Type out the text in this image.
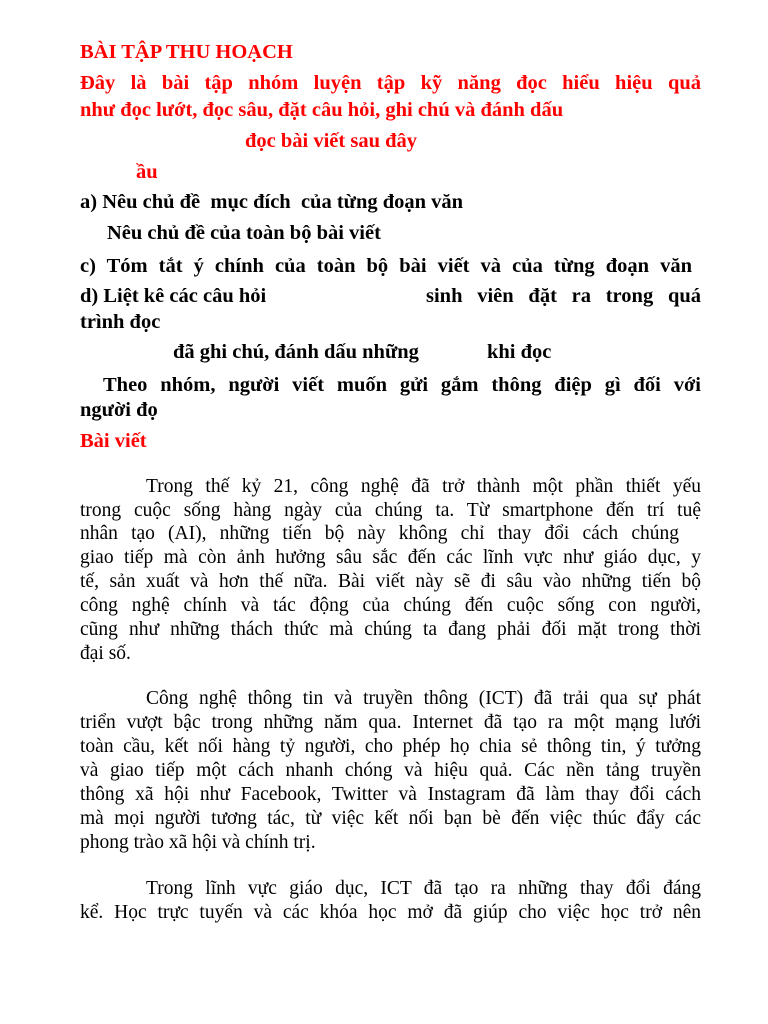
BÀI TẬP THU HOẠCH
Đây là bài tập nhóm luyện tập kỹ năng đọc hiểu hiệu quả
như đọc lướt, đọc sâu, đặt câu hỏi, ghi chú và đánh dấu
đọc bài viết sau đây
ầu
a) Nêu chủ đề  mục đích  của từng đoạn văn
Nêu chủ đề của toàn bộ bài viết
c) Tóm tắt ý chính của toàn bộ bài viết và của từng đoạn văn
d) Liệt kê các câu hỏi	sinh viên đặt ra trong quá
trình đọc
đã ghi chú, đánh dấu những	khi đọc
Theo nhóm, người viết muốn gửi gắm thông điệp gì đối với
người đọ
Bài viết
Trong thế kỷ 21, công nghệ đã trở thành một phần thiết yếu
trong cuộc sống hàng ngày của chúng ta. Từ smartphone đến trí tuệ
nhân tạo (AI), những tiến bộ này không chỉ thay đổi cách chúng
giao tiếp mà còn ảnh hưởng sâu sắc đến các lĩnh vực như giáo dục, y
tế, sản xuất và hơn thế nữa. Bài viết này sẽ đi sâu vào những tiến bộ
công nghệ chính và tác động của chúng đến cuộc sống con người,
cũng như những thách thức mà chúng ta đang phải đối mặt trong thời
đại số.
Công nghệ thông tin và truyền thông (ICT) đã trải qua sự phát
triển vượt bậc trong những năm qua. Internet đã tạo ra một mạng lưới
toàn cầu, kết nối hàng tỷ người, cho phép họ chia sẻ thông tin, ý tưởng
và giao tiếp một cách nhanh chóng và hiệu quả. Các nền tảng truyền
thông xã hội như Facebook, Twitter và Instagram đã làm thay đổi cách
mà mọi người tương tác, từ việc kết nối bạn bè đến việc thúc đẩy các
phong trào xã hội và chính trị.
Trong lĩnh vực giáo dục, ICT đã tạo ra những thay đổi đáng
kể. Học trực tuyến và các khóa học mở đã giúp cho việc học trở nên
